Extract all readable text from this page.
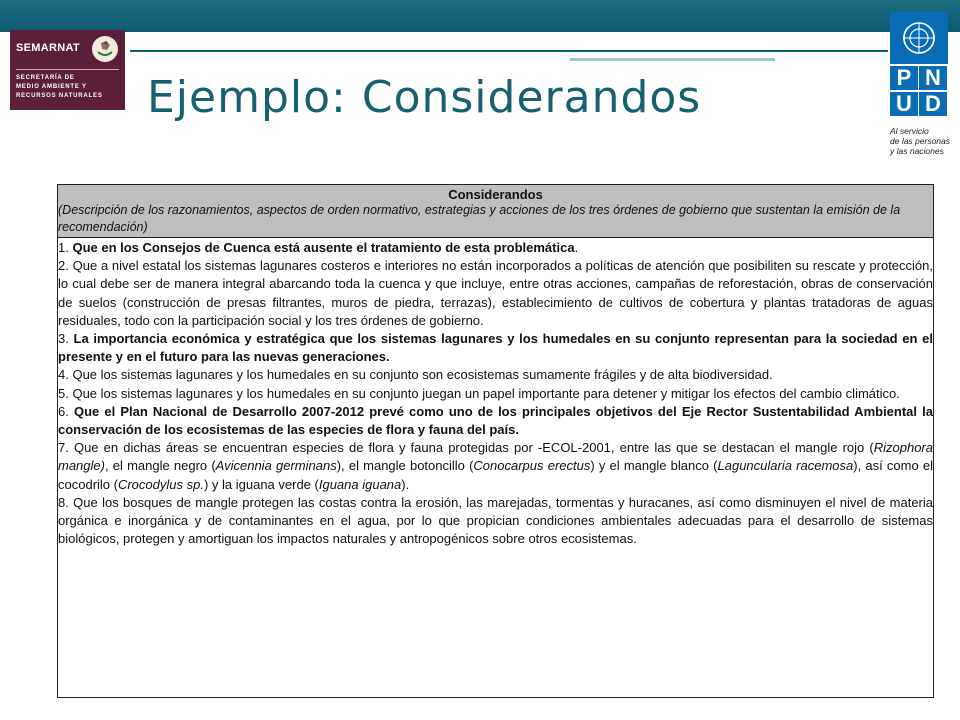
SEMARNAT
SECRETARÍA DE
MEDIO AMBIENTE Y
RECURSOS NATURALES Ejemplo: Considerandos	P N U D
Al servicio
de las personas
y las naciones
Considerandos
(Descripción de los razonamientos, aspectos de orden normativo, estrategias y acciones de los tres órdenes de gobierno que sustentan la emisión de la recomendación)

1. Que en los Consejos de Cuenca está ausente el tratamiento de esta problemática.

2. Que a nivel estatal los sistemas lagunares costeros e interiores no están incorporados a políticas de atención que posibiliten su rescate y protección, lo cual debe ser de manera integral abarcando toda la cuenca y que incluye, entre otras acciones, campañas de reforestación, obras de conservación de suelos (construcción de presas filtrantes, muros de piedra, terrazas), establecimiento de cultivos de cobertura y plantas tratadoras de aguas residuales, todo con la participación social y los tres órdenes de gobierno.

3. La importancia económica y estratégica que los sistemas lagunares y los humedales en su conjunto representan para la sociedad en el presente y en el futuro para las nuevas generaciones.

4. Que los sistemas lagunares y los humedales en su conjunto son ecosistemas sumamente frágiles y de alta biodiversidad.

5. Que los sistemas lagunares y los humedales en su conjunto juegan un papel importante para detener y mitigar los efectos del cambio climático.

6. Que el Plan Nacional de Desarrollo 2007-2012 prevé como uno de los principales objetivos del Eje Rector Sustentabilidad Ambiental la conservación de los ecosistemas de las especies de flora y fauna del país.

7. Que en dichas áreas se encuentran especies de flora y fauna protegidas por -ECOL-2001, entre las que se destacan el mangle rojo (Rizophora mangle), el mangle negro (Avicennia germinans), el mangle botoncillo (Conocarpus erectus) y el mangle blanco (Laguncularia racemosa), así como el cocodrilo (Crocodylus sp.) y la iguana verde (Iguana iguana).

8. Que los bosques de mangle protegen las costas contra la erosión, las marejadas, tormentas y huracanes, así como disminuyen el nivel de materia orgánica e inorgánica y de contaminantes en el agua, por lo que propician condiciones ambientales adecuadas para el desarrollo de sistemas biológicos, protegen y amortiguan los impactos naturales y antropogénicos sobre otros ecosistemas.
